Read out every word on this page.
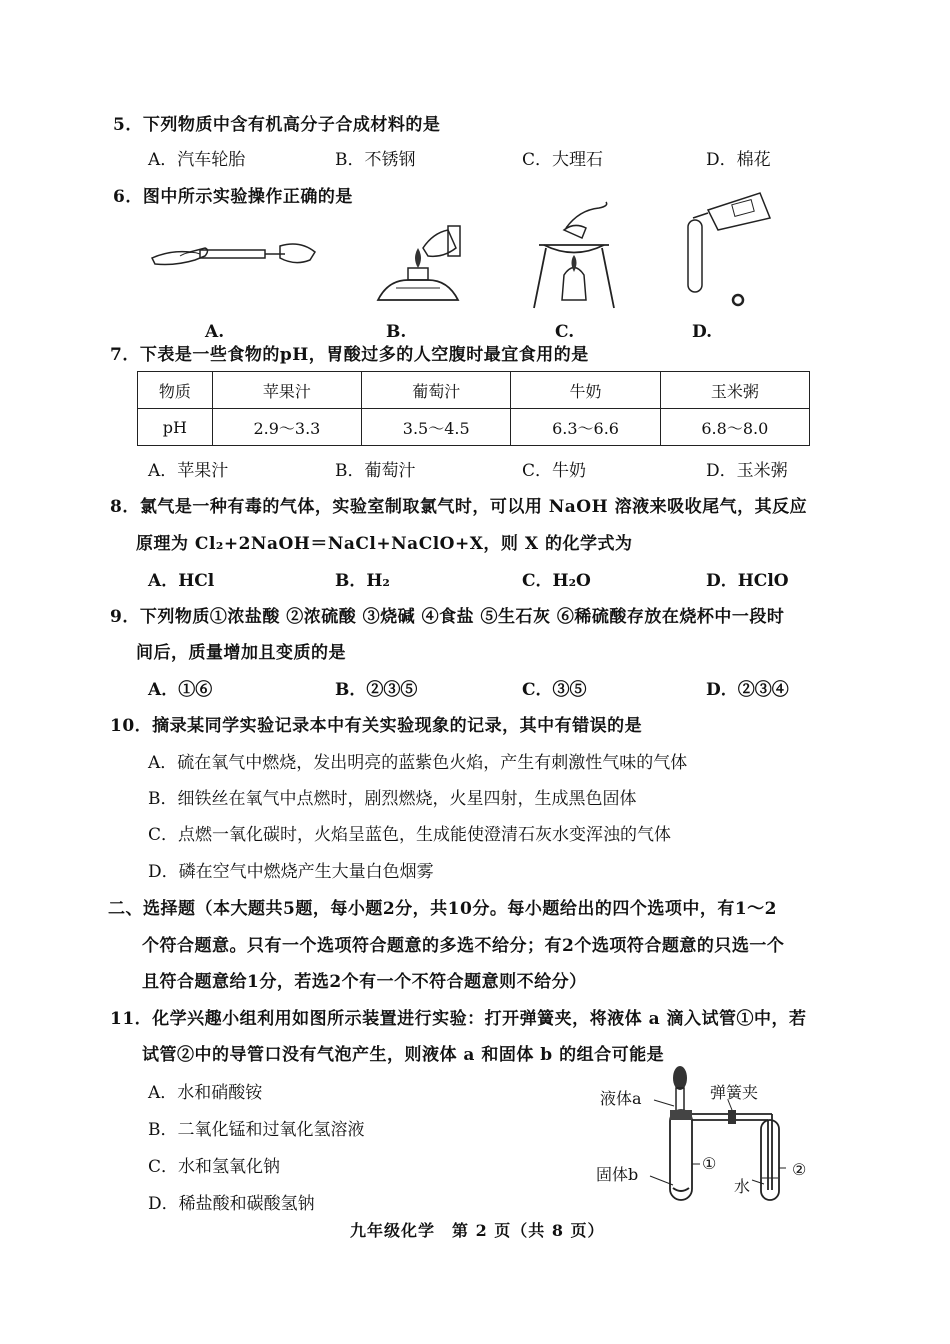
5．下列物质中含有机高分子合成材料的是
A．汽车轮胎	B．不锈钢	C．大理石	D．棉花
6．图中所示实验操作正确的是
A.	B.	C.	D.
7．下表是一些食物的pH，胃酸过多的人空腹时最宜食用的是
物质	苹果汁	葡萄汁	牛奶	玉米粥
pH	2.9～3.3	3.5～4.5	6.3～6.6	6.8～8.0
A．苹果汁	B．葡萄汁	C．牛奶	D．玉米粥
8．氯气是一种有毒的气体，实验室制取氯气时，可以用 NaOH 溶液来吸收尾气，其反应
原理为 Cl₂+2NaOH＝NaCl+NaClO+X，则 X 的化学式为
A．HCl	B．H₂	C．H₂O	D．HClO
9．下列物质①浓盐酸 ②浓硫酸 ③烧碱 ④食盐 ⑤生石灰 ⑥稀硫酸存放在烧杯中一段时
间后，质量增加且变质的是
A．①⑥	B．②③⑤	C．③⑤	D．②③④
10．摘录某同学实验记录本中有关实验现象的记录，其中有错误的是
A．硫在氧气中燃烧，发出明亮的蓝紫色火焰，产生有刺激性气味的气体
B．细铁丝在氧气中点燃时，剧烈燃烧，火星四射，生成黑色固体
C．点燃一氧化碳时，火焰呈蓝色，生成能使澄清石灰水变浑浊的气体
D．磷在空气中燃烧产生大量白色烟雾
二、选择题（本大题共5题，每小题2分，共10分。每小题给出的四个选项中，有1～2
个符合题意。只有一个选项符合题意的多选不给分；有2个选项符合题意的只选一个
且符合题意给1分，若选2个有一个不符合题意则不给分）
11．化学兴趣小组利用如图所示装置进行实验：打开弹簧夹，将液体 a 滴入试管①中，若
试管②中的导管口没有气泡产生，则液体 a 和固体 b 的组合可能是
A．水和硝酸铵
B．二氧化锰和过氧化氢溶液
C．水和氢氧化钠
D．稀盐酸和碳酸氢钠
液体a	弹簧夹
固体b
①
水
②
九年级化学　第 2 页（共 8 页）
